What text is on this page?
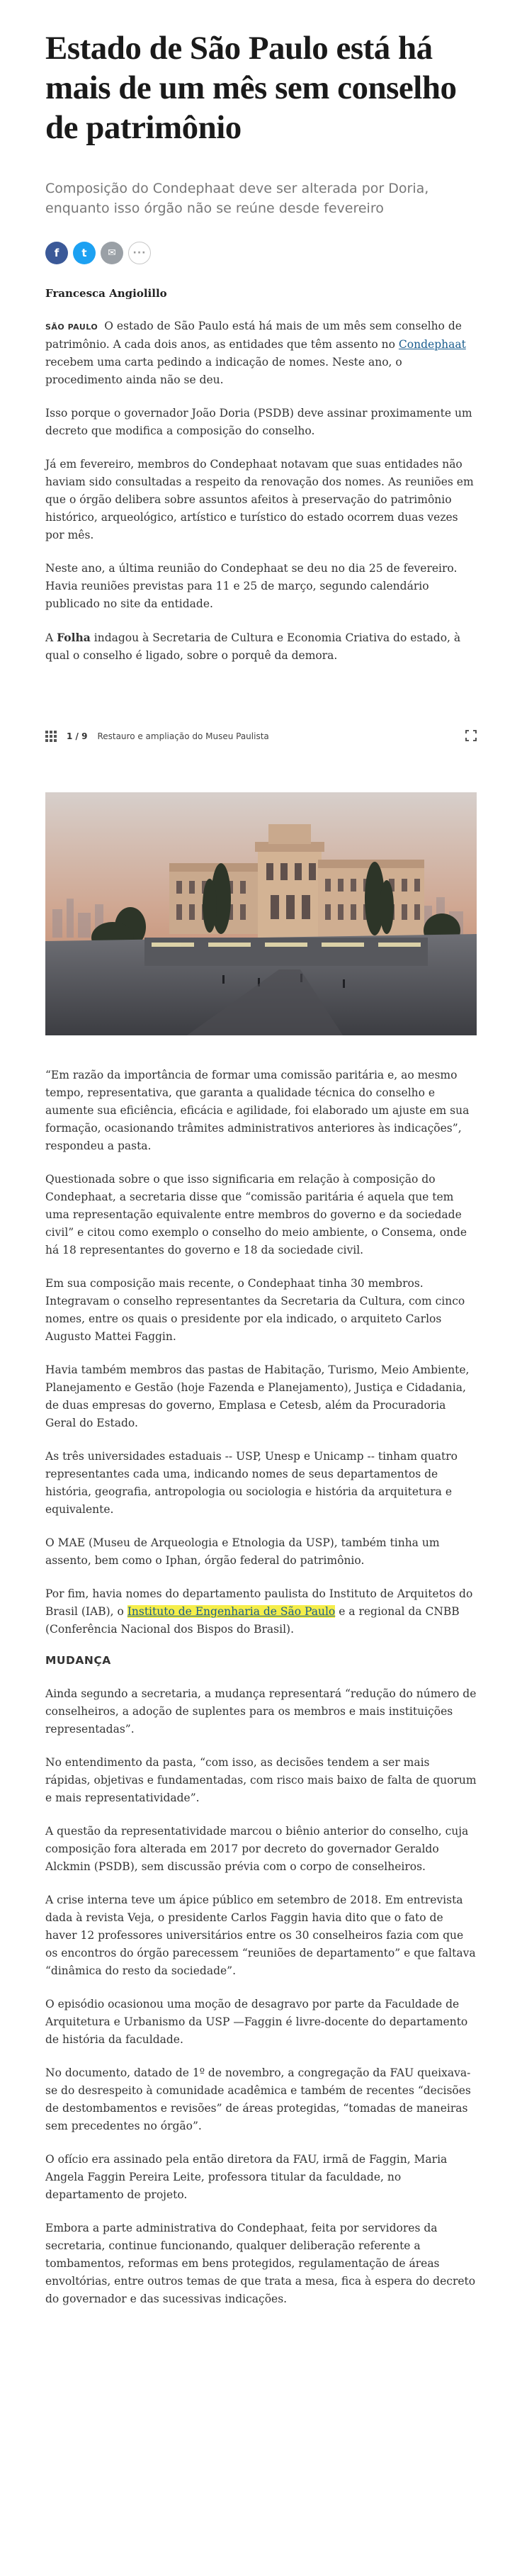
Estado de São Paulo está há mais de um mês sem conselho de patrimônio

Composição do Condephaat deve ser alterada por Doria, enquanto isso órgão não se reúne desde fevereiro

f	t	✉	···

Francesca Angiolillo

SÃO PAULO O estado de São Paulo está há mais de um mês sem conselho de patrimônio. A cada dois anos, as entidades que têm assento no Condephaat recebem uma carta pedindo a indicação de nomes. Neste ano, o procedimento ainda não se deu.

Isso porque o governador João Doria (PSDB) deve assinar proximamente um decreto que modifica a composição do conselho.

Já em fevereiro, membros do Condephaat notavam que suas entidades não haviam sido consultadas a respeito da renovação dos nomes. As reuniões em que o órgão delibera sobre assuntos afeitos à preservação do patrimônio histórico, arqueológico, artístico e turístico do estado ocorrem duas vezes por mês.

Neste ano, a última reunião do Condephaat se deu no dia 25 de fevereiro. Havia reuniões previstas para 11 e 25 de março, segundo calendário publicado no site da entidade.

A Folha indagou à Secretaria de Cultura e Economia Criativa do estado, à qual o conselho é ligado, sobre o porquê da demora.

1 / 9 Restauro e ampliação do Museu Paulista

“Em razão da importância de formar uma comissão paritária e, ao mesmo tempo, representativa, que garanta a qualidade técnica do conselho e aumente sua eficiência, eficácia e agilidade, foi elaborado um ajuste em sua formação, ocasionando trâmites administrativos anteriores às indicações”, respondeu a pasta.

Questionada sobre o que isso significaria em relação à composição do Condephaat, a secretaria disse que “comissão paritária é aquela que tem uma representação equivalente entre membros do governo e da sociedade civil” e citou como exemplo o conselho do meio ambiente, o Consema, onde há 18 representantes do governo e 18 da sociedade civil.

Em sua composição mais recente, o Condephaat tinha 30 membros. Integravam o conselho representantes da Secretaria da Cultura, com cinco nomes, entre os quais o presidente por ela indicado, o arquiteto Carlos Augusto Mattei Faggin.

Havia também membros das pastas de Habitação, Turismo, Meio Ambiente, Planejamento e Gestão (hoje Fazenda e Planejamento), Justiça e Cidadania, de duas empresas do governo, Emplasa e Cetesb, além da Procuradoria Geral do Estado.

As três universidades estaduais -- USP, Unesp e Unicamp -- tinham quatro representantes cada uma, indicando nomes de seus departamentos de história, geografia, antropologia ou sociologia e história da arquitetura e equivalente.

O MAE (Museu de Arqueologia e Etnologia da USP), também tinha um assento, bem como o Iphan, órgão federal do patrimônio.

Por fim, havia nomes do departamento paulista do Instituto de Arquitetos do Brasil (IAB), o Instituto de Engenharia de São Paulo e a regional da CNBB (Conferência Nacional dos Bispos do Brasil).

MUDANÇA

Ainda segundo a secretaria, a mudança representará “redução do número de conselheiros, a adoção de suplentes para os membros e mais instituições representadas”.

No entendimento da pasta, “com isso, as decisões tendem a ser mais rápidas, objetivas e fundamentadas, com risco mais baixo de falta de quorum e mais representatividade”.

A questão da representatividade marcou o biênio anterior do conselho, cuja composição fora alterada em 2017 por decreto do governador Geraldo Alckmin (PSDB), sem discussão prévia com o corpo de conselheiros.

A crise interna teve um ápice público em setembro de 2018. Em entrevista dada à revista Veja, o presidente Carlos Faggin havia dito que o fato de haver 12 professores universitários entre os 30 conselheiros fazia com que os encontros do órgão parecessem “reuniões de departamento” e que faltava “dinâmica do resto da sociedade”.

O episódio ocasionou uma moção de desagravo por parte da Faculdade de Arquitetura e Urbanismo da USP —Faggin é livre-docente do departamento de história da faculdade.

No documento, datado de 1º de novembro, a congregação da FAU queixava-se do desrespeito à comunidade acadêmica e também de recentes “decisões de destombamentos e revisões” de áreas protegidas, “tomadas de maneiras sem precedentes no órgão”.

O ofício era assinado pela então diretora da FAU, irmã de Faggin, Maria Angela Faggin Pereira Leite, professora titular da faculdade, no departamento de projeto.

Embora a parte administrativa do Condephaat, feita por servidores da secretaria, continue funcionando, qualquer deliberação referente a tombamentos, reformas em bens protegidos, regulamentação de áreas envoltórias, entre outros temas de que trata a mesa, fica à espera do decreto do governador e das sucessivas indicações.
